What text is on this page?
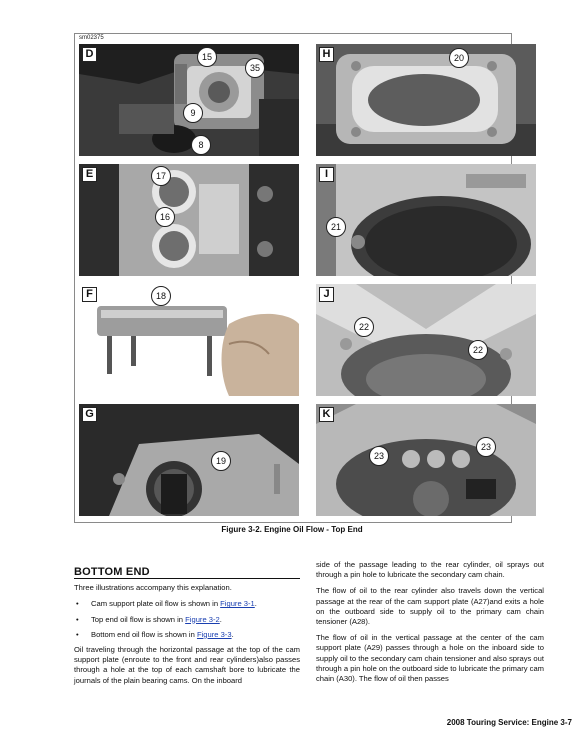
sm02375
D	15
35
9
8
H	20
E	17
16
I
21
F	18	J
22
22
G
19
K
23
23
Figure 3-2. Engine Oil Flow - Top End
BOTTOM END

Three illustrations accompany this explanation.

• Cam support plate oil flow is shown in Figure 3-1.
• Top end oil flow is shown in Figure 3-2.
• Bottom end oil flow is shown in Figure 3-3.

Oil traveling through the horizontal passage at the top of the cam support plate (enroute to the front and rear cylinders)also passes through a hole at the top of each camshaft bore to lubricate the journals of the plain bearing cams. On the inboard

side of the passage leading to the rear cylinder, oil sprays out through a pin hole to lubricate the secondary cam chain.

The flow of oil to the rear cylinder also travels down the vertical passage at the rear of the cam support plate (A27)and exits a hole on the outboard side to supply oil to the primary cam chain tensioner (A28).

The flow of oil in the vertical passage at the center of the cam support plate (A29) passes through a hole on the inboard side to supply oil to the secondary cam chain tensioner and also sprays out through a pin hole on the outboard side to lubricate the primary cam chain (A30). The flow of oil then passes

2008 Touring Service: Engine 3-7
